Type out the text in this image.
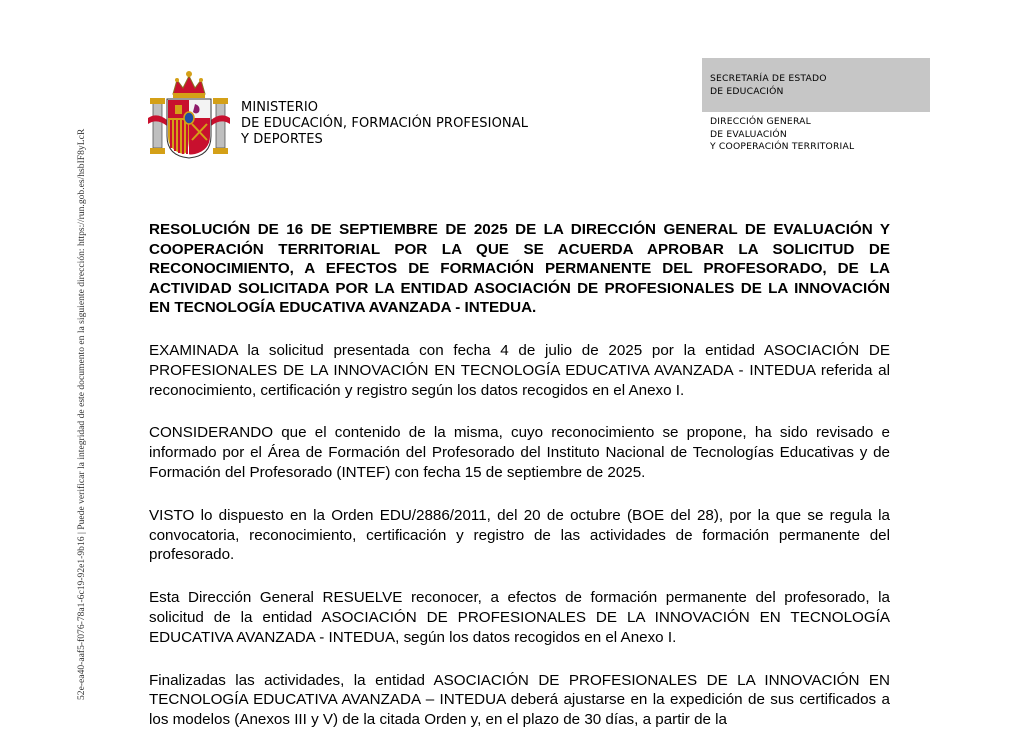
52e-ea40-aaf5-f076-78a1-6c19-92e1-9b16 | Puede verificar la integridad de este documento en la siguiente dirección: https://run.gob.es/hsbIF8yLcR
MINISTERIO
DE EDUCACIÓN, FORMACIÓN PROFESIONAL
Y DEPORTES
SECRETARÍA DE ESTADO
DE EDUCACIÓN
DIRECCIÓN GENERAL
DE EVALUACIÓN
Y COOPERACIÓN TERRITORIAL

RESOLUCIÓN DE 16 DE SEPTIEMBRE DE 2025 DE LA DIRECCIÓN GENERAL DE EVALUACIÓN Y COOPERACIÓN TERRITORIAL POR LA QUE SE ACUERDA APROBAR LA SOLICITUD DE RECONOCIMIENTO, A EFECTOS DE FORMACIÓN PERMANENTE DEL PROFESORADO, DE LA ACTIVIDAD SOLICITADA POR LA ENTIDAD ASOCIACIÓN DE PROFESIONALES DE LA INNOVACIÓN EN TECNOLOGÍA EDUCATIVA AVANZADA - INTEDUA.

EXAMINADA la solicitud presentada con fecha 4 de julio de 2025 por la entidad ASOCIACIÓN DE PROFESIONALES DE LA INNOVACIÓN EN TECNOLOGÍA EDUCATIVA AVANZADA - INTEDUA referida al reconocimiento, certificación y registro según los datos recogidos en el Anexo I.

CONSIDERANDO que el contenido de la misma, cuyo reconocimiento se propone, ha sido revisado e informado por el Área de Formación del Profesorado del Instituto Nacional de Tecnologías Educativas y de Formación del Profesorado (INTEF) con fecha 15 de septiembre de 2025.

VISTO lo dispuesto en la Orden EDU/2886/2011, del 20 de octubre (BOE del 28), por la que se regula la convocatoria, reconocimiento, certificación y registro de las actividades de formación permanente del profesorado.

Esta Dirección General RESUELVE reconocer, a efectos de formación permanente del profesorado, la solicitud de la entidad ASOCIACIÓN DE PROFESIONALES DE LA INNOVACIÓN EN TECNOLOGÍA EDUCATIVA AVANZADA - INTEDUA, según los datos recogidos en el Anexo I.

Finalizadas las actividades, la entidad ASOCIACIÓN DE PROFESIONALES DE LA INNOVACIÓN EN TECNOLOGÍA EDUCATIVA AVANZADA – INTEDUA deberá ajustarse en la expedición de sus certificados a los modelos (Anexos III y V) de la citada Orden y, en el plazo de 30 días, a partir de la
